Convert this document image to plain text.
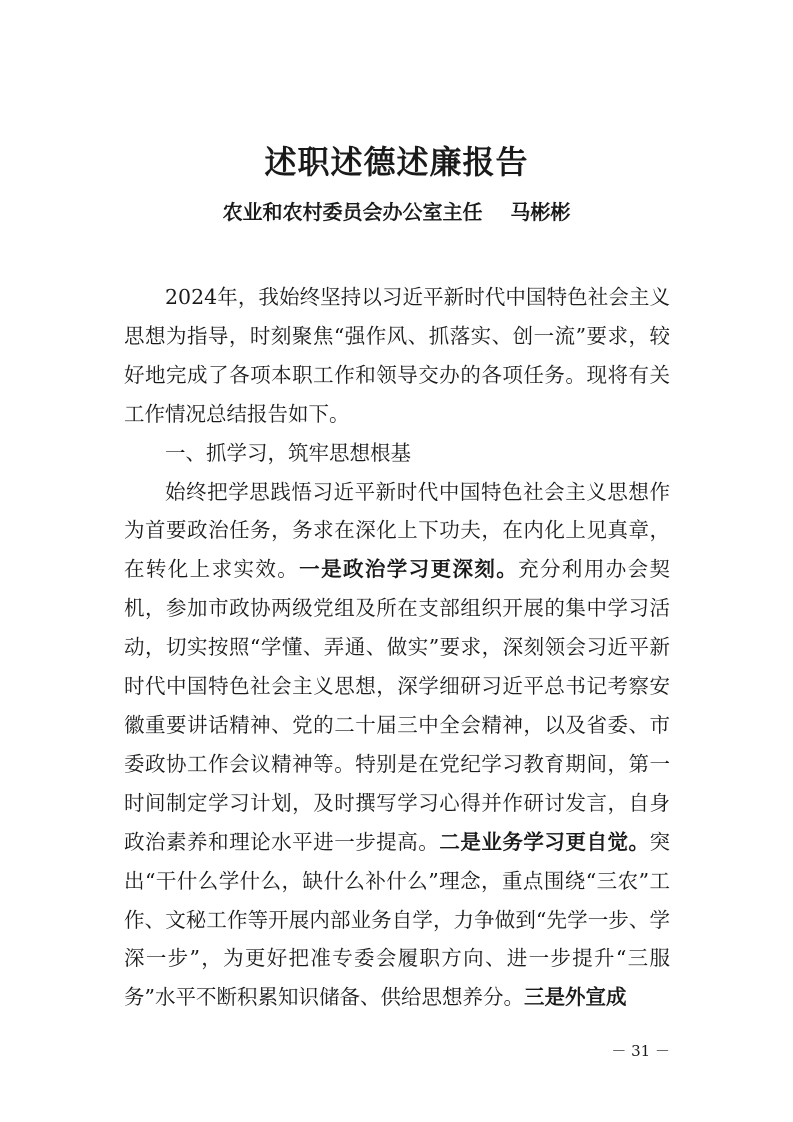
述职述德述廉报告
农业和农村委员会办公室主任    马彬彬

2024年，我始终坚持以习近平新时代中国特色社会主义思想为指导，时刻聚焦“强作风、抓落实、创一流”要求，较好地完成了各项本职工作和领导交办的各项任务。现将有关工作情况总结报告如下。

一、抓学习，筑牢思想根基

始终把学思践悟习近平新时代中国特色社会主义思想作为首要政治任务，务求在深化上下功夫，在内化上见真章，在转化上求实效。一是政治学习更深刻。充分利用办会契机，参加市政协两级党组及所在支部组织开展的集中学习活动，切实按照“学懂、弄通、做实”要求，深刻领会习近平新时代中国特色社会主义思想，深学细研习近平总书记考察安徽重要讲话精神、党的二十届三中全会精神，以及省委、市委政协工作会议精神等。特别是在党纪学习教育期间，第一时间制定学习计划，及时撰写学习心得并作研讨发言，自身政治素养和理论水平进一步提高。二是业务学习更自觉。突出“干什么学什么，缺什么补什么”理念，重点围绕“三农”工作、文秘工作等开展内部业务自学，力争做到“先学一步、学深一步”，为更好把准专委会履职方向、进一步提升“三服务”水平不断积累知识储备、供给思想养分。三是外宣成

－ 31 －
